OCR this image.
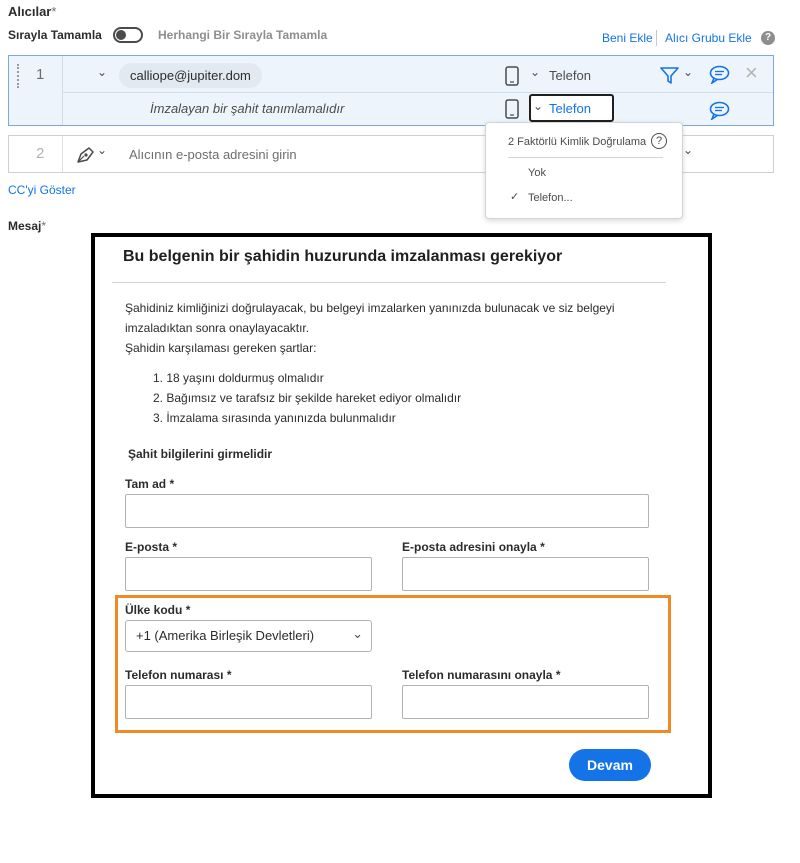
Alıcılar*
Sırayla Tamamla	Herhangi Bir Sırayla Tamamla	Beni Ekle Alıcı Grubu Ekle	?
1	⌄	calliope@jupiter.dom	⌄ Telefon	⌄ ×
İmzalayan bir şahit tanımlamalıdır	⌄ Telefon
2	⌄ Alıcının e-posta adresini girin	⌄
CC'yi Göster
2 Faktörlü Kimlik Doğrulama ?
Yok
✓ Telefon...
Mesaj*
Bu belgenin bir şahidin huzurunda imzalanması gerekiyor
Şahidiniz kimliğinizi doğrulayacak, bu belgeyi imzalarken yanınızda bulunacak ve siz belgeyi
imzaladıktan sonra onaylayacaktır.
Şahidin karşılaması gereken şartlar:
1. 18 yaşını doldurmuş olmalıdır
2. Bağımsız ve tarafsız bir şekilde hareket ediyor olmalıdır
3. İmzalama sırasında yanınızda bulunmalıdır
Şahit bilgilerini girmelidir
Tam ad *
E-posta *	E-posta adresini onayla *
Ülke kodu *
+1 (Amerika Birleşik Devletleri)	⌄
Telefon numarası *	Telefon numarasını onayla *
Devam
